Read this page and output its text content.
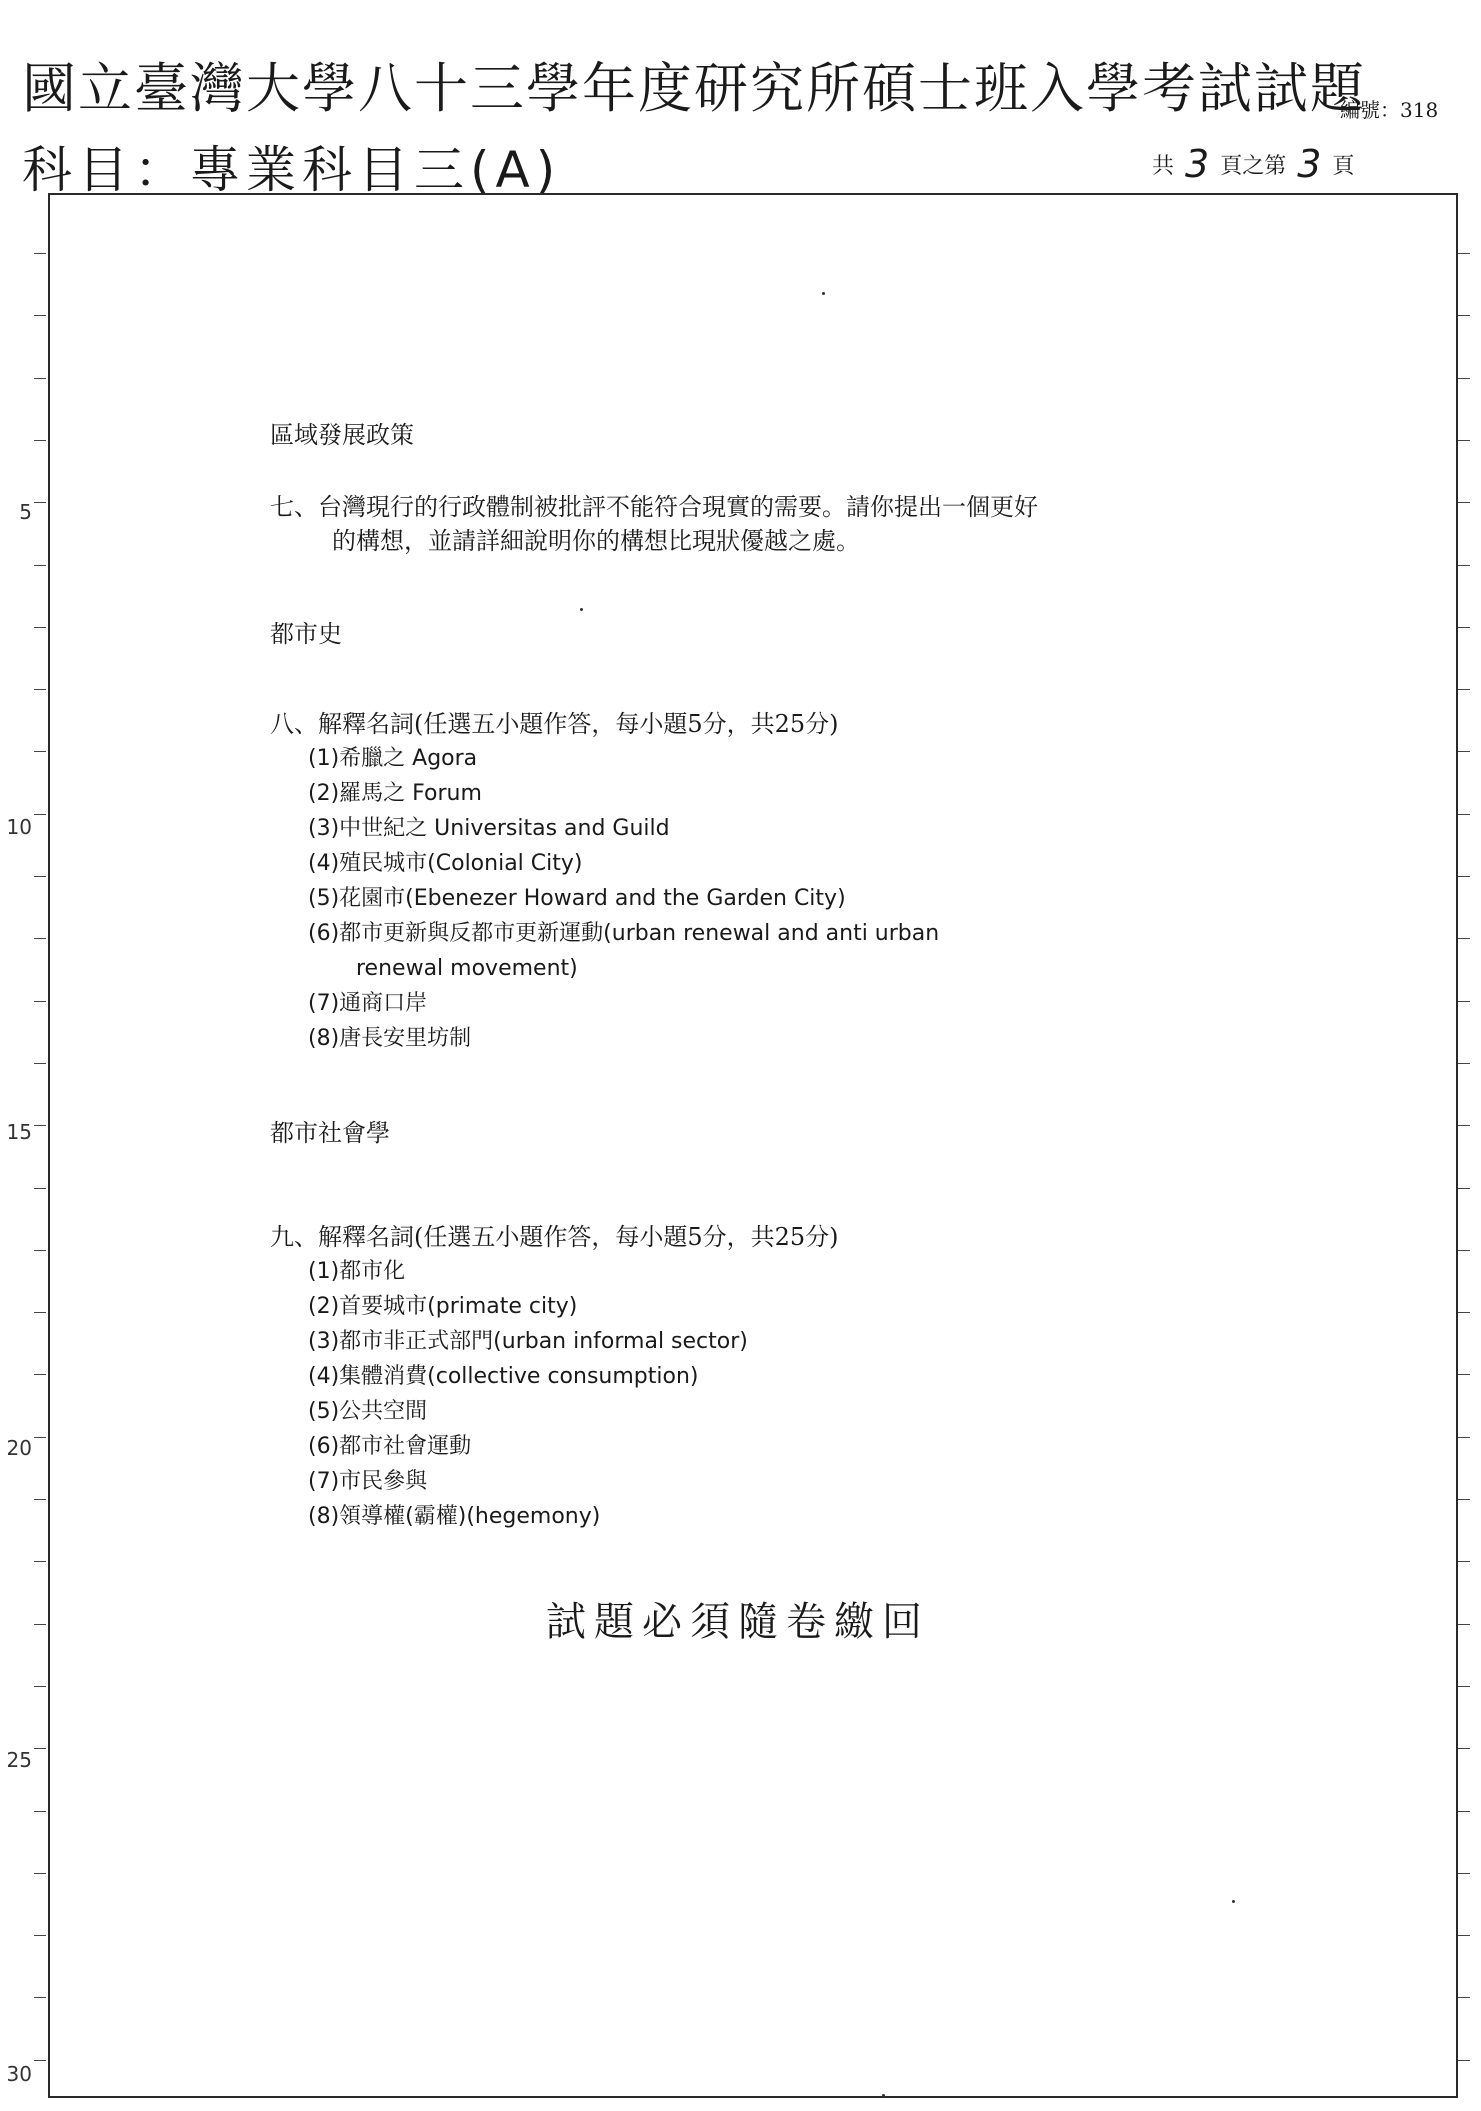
國立臺灣大學八十三學年度研究所碩士班入學考試試題
科目：專業科目三(A)
編號：318
共 3 頁之第 3 頁
5
10
15
20
25
30
區域發展政策

七、台灣現行的行政體制被批評不能符合現實的需要。請你提出一個更好
的構想，並請詳細說明你的構想比現狀優越之處。

都市史

八、解釋名詞(任選五小題作答，每小題5分，共25分)

(1)希臘之 Agora
(2)羅馬之 Forum
(3)中世紀之 Universitas and Guild
(4)殖民城市(Colonial City)
(5)花園市(Ebenezer Howard and the Garden City)
(6)都市更新與反都市更新運動(urban renewal and anti urban
renewal movement)
(7)通商口岸
(8)唐長安里坊制
都市社會學

九、解釋名詞(任選五小題作答，每小題5分，共25分)

(1)都市化
(2)首要城市(primate city)
(3)都市非正式部門(urban informal sector)
(4)集體消費(collective consumption)
(5)公共空間
(6)都市社會運動
(7)市民參與
(8)領導權(霸權)(hegemony)
試題必須隨卷繳回
